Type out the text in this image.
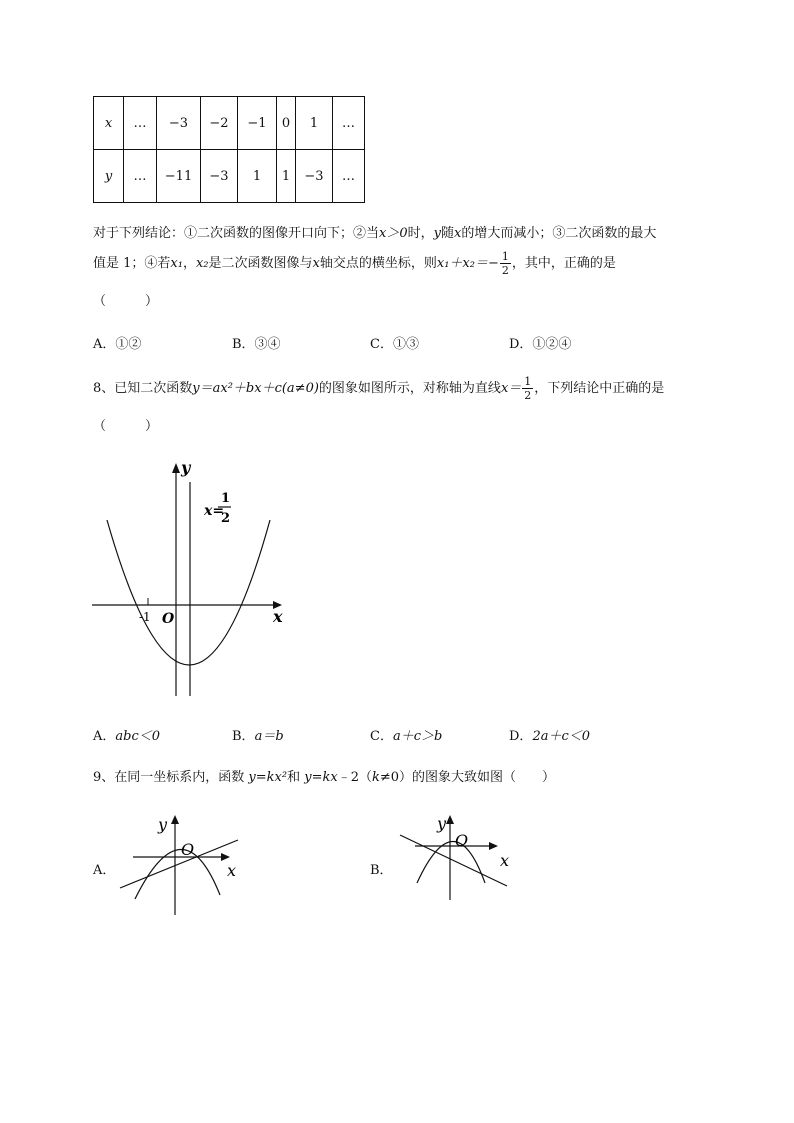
x	…	−3	−2	−1	0	1	…
y	…	−11	−3	1	1	−3	…
对于下列结论：①二次函数的图像开口向下；②当x＞0时，y随x的增大而减小；③二次函数的最大
值是 1；④若x₁，x₂是二次函数图像与x轴交点的横坐标，则$x_1+x_2=- \frac{1}{2}$ ，其中，正确的是
（　　　）
A．①②	B．③④	C．①③	D．①②④
8、已知二次函数y＝ax²＋bx＋c(a≠0)的图象如图所示，对称轴为直线$x= \frac{1}{2}$ ，下列结论中正确的是
（　　　）
y
x
O
-1
x=
1
2
A．abc＜0	B．a＝b	C．a＋c＞b	D．2a＋c＜0
9、在同一坐标系内，函数 y=kx²和 y=kx﹣2（k≠0）的图象大致如图（　　）
A．
y
x
O
B．
y
x
O
